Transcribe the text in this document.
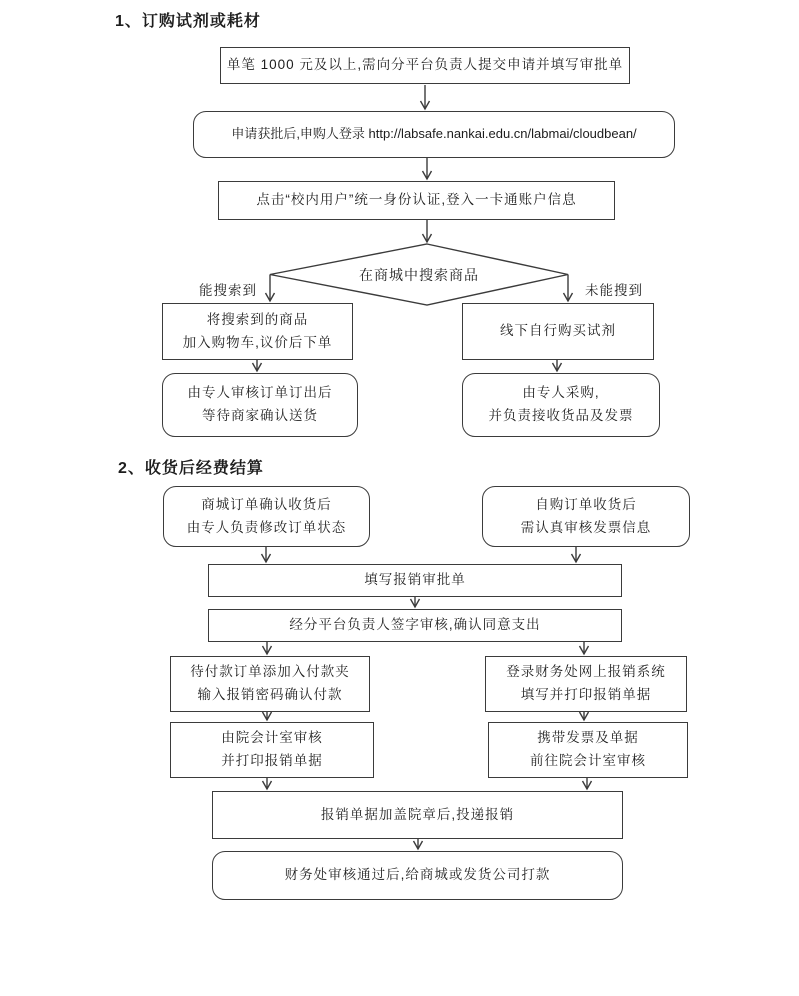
1、订购试剂或耗材
单笔 1000 元及以上,需向分平台负责人提交申请并填写审批单
申请获批后,申购人登录 http://labsafe.nankai.edu.cn/labmai/cloudbean/
点击“校内用户”统一身份认证,登入一卡通账户信息
在商城中搜索商品
能搜索到	未能搜到
将搜索到的商品
加入购物车,议价后下单
线下自行购买试剂
由专人审核订单订出后
等待商家确认送货
由专人采购,
并负责接收货品及发票
2、收货后经费结算
商城订单确认收货后
由专人负责修改订单状态
自购订单收货后
需认真审核发票信息
填写报销审批单
经分平台负责人签字审核,确认同意支出
待付款订单添加入付款夹
输入报销密码确认付款
登录财务处网上报销系统
填写并打印报销单据
由院会计室审核
并打印报销单据
携带发票及单据
前往院会计室审核
报销单据加盖院章后,投递报销
财务处审核通过后,给商城或发货公司打款
